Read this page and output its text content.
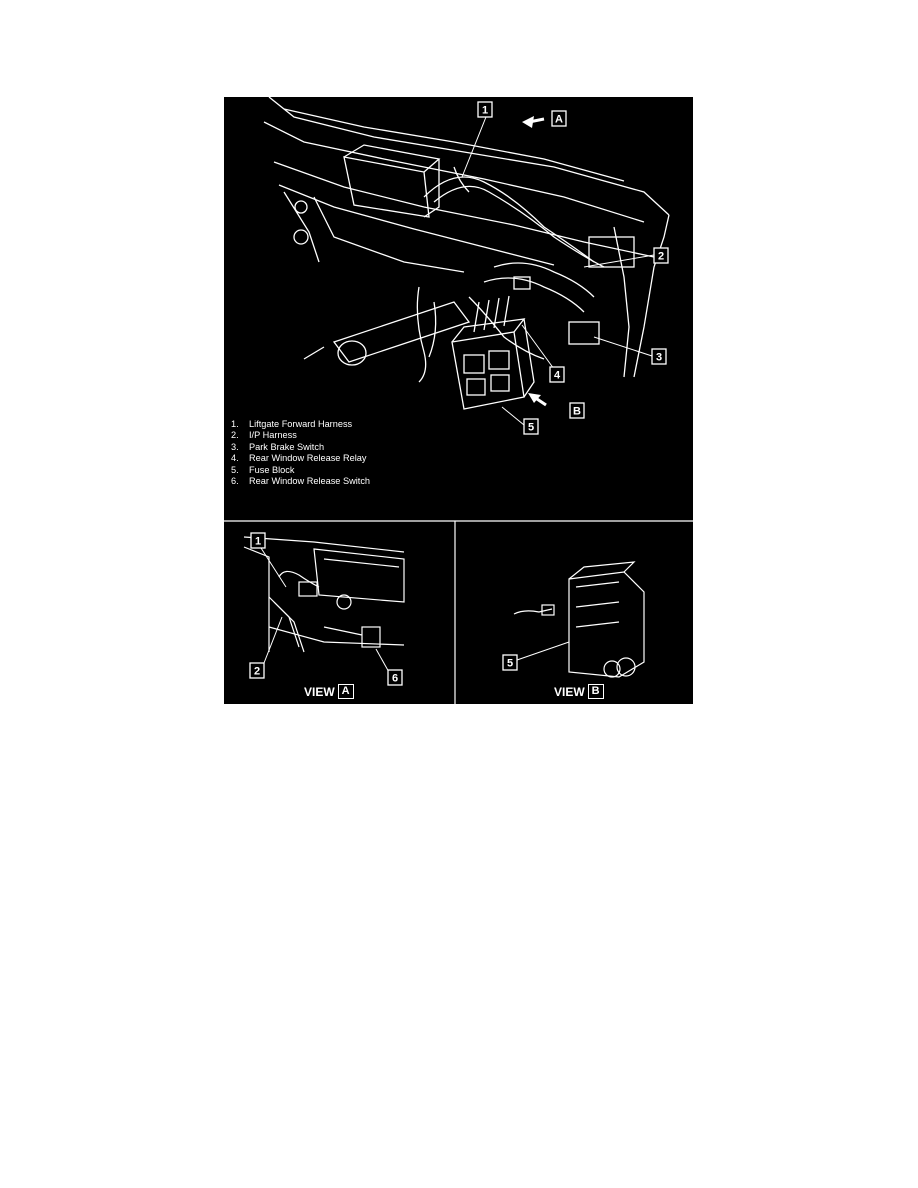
1
2
3
4
5
A
B
1
2
6
5
1.	Liftgate Forward Harness
2.	I/P Harness
3.	Park Brake Switch
4.	Rear Window Release Relay
5.	Fuse Block
6.	Rear Window Release Switch
VIEW A	VIEW B
